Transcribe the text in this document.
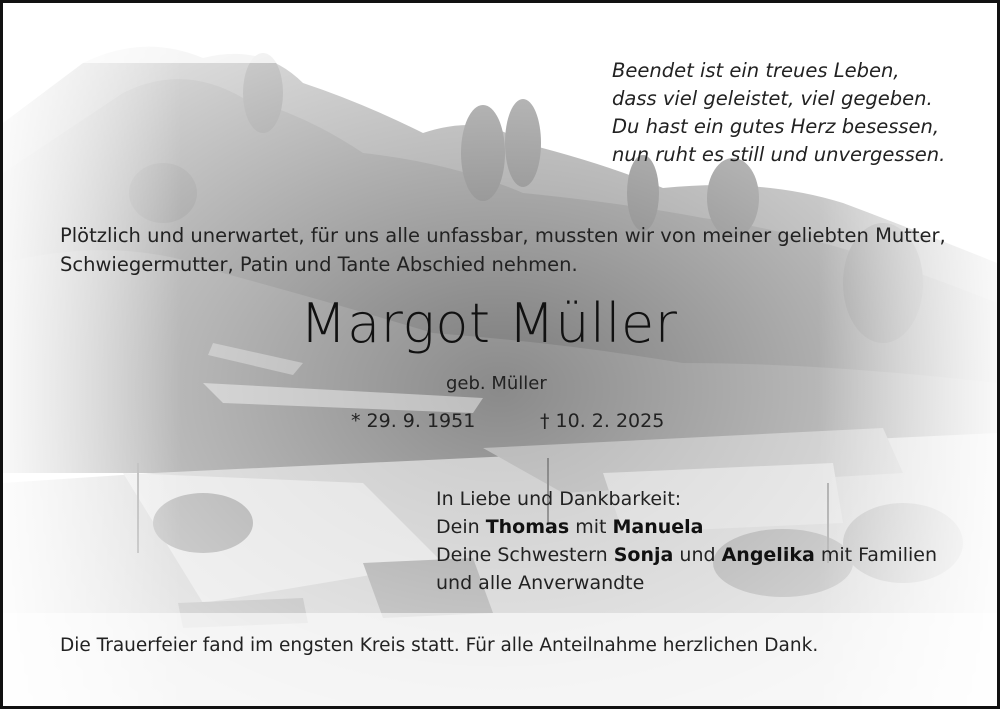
Beendet ist ein treues Leben,
dass viel geleistet, viel gegeben.
Du hast ein gutes Herz besessen,
nun ruht es still und unvergessen.
Plötzlich und unerwartet, für uns alle unfassbar, mussten wir von meiner geliebten Mutter,
Schwiegermutter, Patin und Tante Abschied nehmen.
Margot Müller
geb. Müller
* 29. 9. 1951	† 10. 2. 2025
In Liebe und Dankbarkeit:
Dein Thomas mit Manuela
Deine Schwestern Sonja und Angelika mit Familien
und alle Anverwandte
Die Trauerfeier fand im engsten Kreis statt. Für alle Anteilnahme herzlichen Dank.
